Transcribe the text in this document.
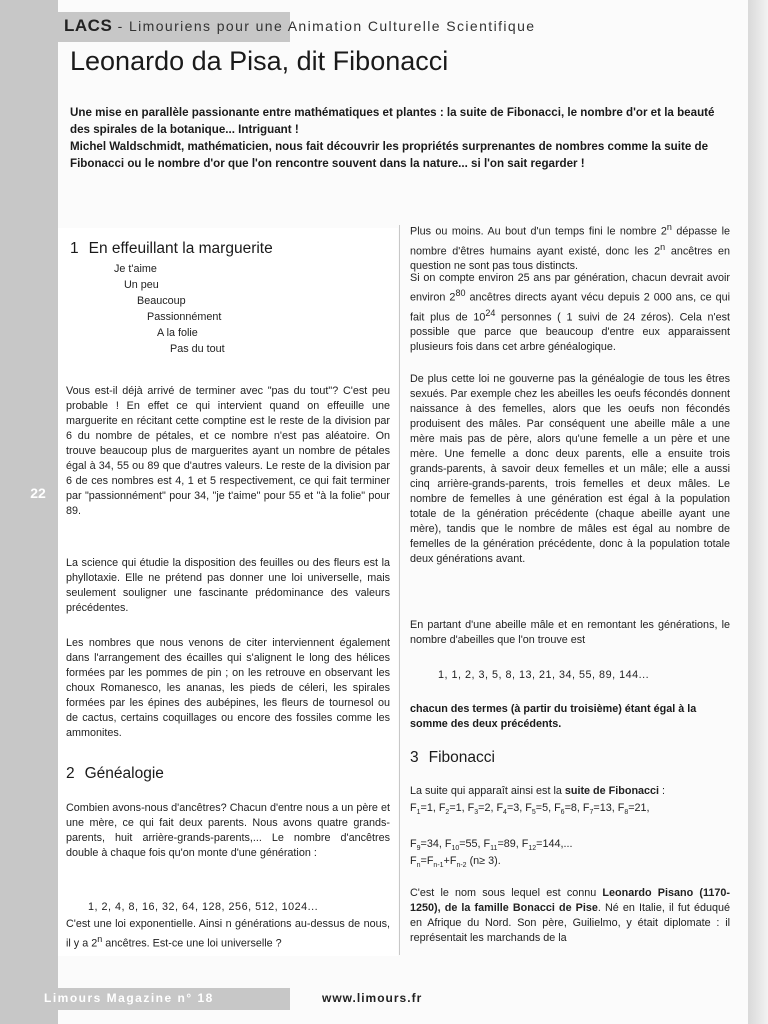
LACS - Limouriens pour une Animation Culturelle Scientifique
Leonardo da Pisa, dit Fibonacci
Une mise en parallèle passionante entre mathématiques et plantes : la suite de Fibonacci, le nombre d'or et la beauté des spirales de la botanique... Intriguant !
Michel Waldschmidt, mathématicien, nous fait découvrir les propriétés surprenantes de nombres comme la suite de Fibonacci ou le nombre d'or que l'on rencontre souvent dans la nature... si l'on sait regarder !
1 En effeuillant la marguerite
Je t'aime
Un peu
Beaucoup
Passionnément
A la folie
Pas du tout
Vous est-il déjà arrivé de terminer avec "pas du tout"? C'est peu probable ! En effet ce qui intervient quand on effeuille une marguerite en récitant cette comptine est le reste de la division par 6 du nombre de pétales, et ce nombre n'est pas aléatoire. On trouve beaucoup plus de marguerites ayant un nombre de pétales égal à 34, 55 ou 89 que d'autres valeurs. Le reste de la division par 6 de ces nombres est 4, 1 et 5 respectivement, ce qui fait terminer par "passionnément" pour 34, "je t'aime" pour 55 et "à la folie" pour 89.
La science qui étudie la disposition des feuilles ou des fleurs est la phyllotaxie. Elle ne prétend pas donner une loi universelle, mais seulement souligner une fascinante prédominance des valeurs précédentes.
Les nombres que nous venons de citer interviennent également dans l'arrangement des écailles qui s'alignent le long des hélices formées par les pommes de pin ; on les retrouve en observant les choux Romanesco, les ananas, les pieds de céleri, les spirales formées par les épines des aubépines, les fleurs de tournesol ou de cactus, certains coquillages ou encore des fossiles comme les ammonites.
2 Généalogie
Combien avons-nous d'ancêtres? Chacun d'entre nous a un père et une mère, ce qui fait deux parents. Nous avons quatre grands-parents, huit arrière-grands-parents,... Le nombre d'ancêtres double à chaque fois qu'on monte d'une génération :
1, 2, 4, 8, 16, 32, 64, 128, 256, 512, 1024...
C'est une loi exponentielle. Ainsi n générations au-dessus de nous, il y a 2$^n$ ancêtres. Est-ce une loi universelle ?
Plus ou moins. Au bout d'un temps fini le nombre 2$^n$ dépasse le nombre d'êtres humains ayant existé, donc les 2$^n$ ancêtres en question ne sont pas tous distincts.
Si on compte environ 25 ans par génération, chacun devrait avoir environ $2^{80}$ ancêtres directs ayant vécu depuis 2 000 ans, ce qui fait plus de $10^{24}$ personnes ( 1 suivi de 24 zéros). Cela n'est possible que parce que beaucoup d'entre eux apparaissent plusieurs fois dans cet arbre généalogique.
De plus cette loi ne gouverne pas la généalogie de tous les êtres sexués. Par exemple chez les abeilles les oeufs fécondés donnent naissance à des femelles, alors que les oeufs non fécondés produisent des mâles. Par conséquent une abeille mâle a une mère mais pas de père, alors qu'une femelle a un père et une mère. Une femelle a donc deux parents, elle a ensuite trois grands-parents, à savoir deux femelles et un mâle; elle a aussi cinq arrière-grands-parents, trois femelles et deux mâles. Le nombre de femelles à une génération est égal à la population totale de la génération précédente (chaque abeille ayant une mère), tandis que le nombre de mâles est égal au nombre de femelles de la génération précédente, donc à la population totale deux générations avant.
En partant d'une abeille mâle et en remontant les générations, le nombre d'abeilles que l'on trouve est
1, 1, 2, 3, 5, 8, 13, 21, 34, 55, 89, 144...
chacun des termes (à partir du troisième) étant égal à la somme des deux précédents.
3 Fibonacci
La suite qui apparaît ainsi est la suite de Fibonacci :
$F_1=1$, $F_2=1$, $F_3=2$, $F_4=3$, $F_5=5$, $F_6=8$, $F_7=13$, $F_8=21$,
$F_9=34$, $F_{10}=55$, $F_{11}=89$, $F_{12}=144$,...
$F_n=F_{n-1}+F_{n-2}$ (n≥ 3).
C'est le nom sous lequel est connu Leonardo Pisano (1170-1250), de la famille Bonacci de Pise. Né en Italie, il fut éduqué en Afrique du Nord. Son père, Guilielmo, y était diplomate : il représentait les marchands de la
22
Limours Magazine n° 18	www.limours.fr
